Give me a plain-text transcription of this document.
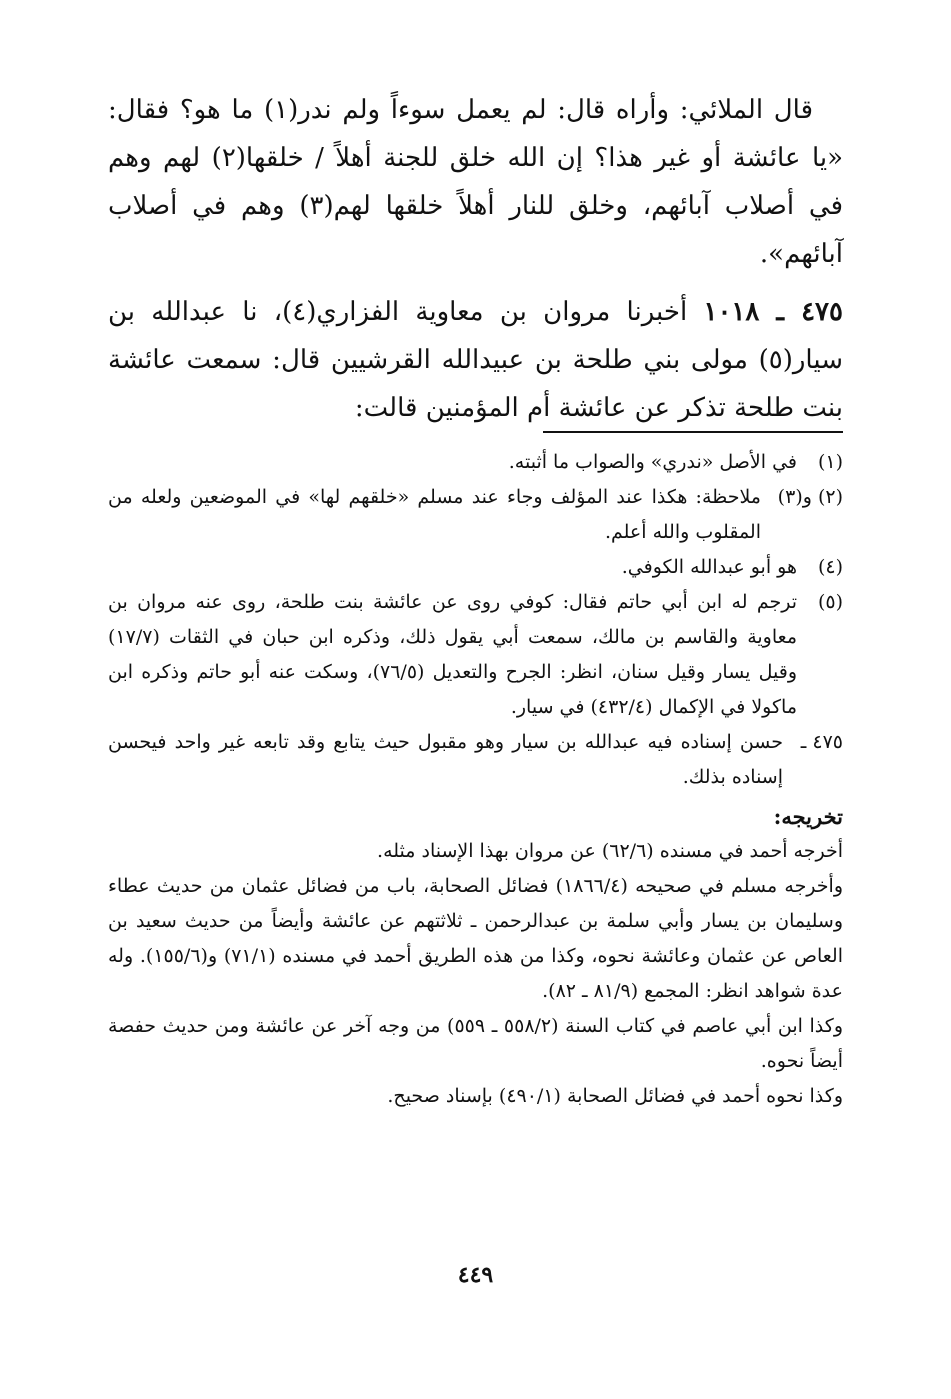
قال الملائي: وأراه قال: لم يعمل سوءاً ولم ندر(١) ما هو؟ فقال: «يا عائشة أو غير هذا؟ إن الله خلق للجنة أهلاً / خلقها(٢) لهم وهم في أصلاب آبائهم، وخلق للنار أهلاً خلقها لهم(٣) وهم في أصلاب آبائهم».

٤٧٥ ـ ١٠١٨ أخبرنا مروان بن معاوية الفزاري(٤)، نا عبدالله بن سيار(٥) مولى بني طلحة بن عبيدالله القرشيين قال: سمعت عائشة بنت طلحة تذكر عن عائشة أم المؤمنين قالت:

(١)
في الأصل «ندري» والصواب ما أثبته.
(٢) و(٣)
ملاحظة: هكذا عند المؤلف وجاء عند مسلم «خلقهم لها» في الموضعين ولعله من المقلوب والله أعلم.
(٤)
هو أبو عبدالله الكوفي.
(٥)
ترجم له ابن أبي حاتم فقال: كوفي روى عن عائشة بنت طلحة، روى عنه مروان بن معاوية والقاسم بن مالك، سمعت أبي يقول ذلك، وذكره ابن حبان في الثقات (١٧/٧) وقيل يسار وقيل سنان، انظر: الجرح والتعديل (٧٦/٥)، وسكت عنه أبو حاتم وذكره ابن ماكولا في الإكمال (٤٣٢/٤) في سيار.
٤٧٥ ـ
حسن إسناده فيه عبدالله بن سيار وهو مقبول حيث يتابع وقد تابعه غير واحد فيحسن إسناده بذلك.
تخريجه:
أخرجه أحمد في مسنده (٦٢/٦) عن مروان بهذا الإسناد مثله.
وأخرجه مسلم في صحيحه (١٨٦٦/٤) فضائل الصحابة، باب من فضائل عثمان من حديث عطاء وسليمان بن يسار وأبي سلمة بن عبدالرحمن ـ ثلاثتهم عن عائشة وأيضاً من حديث سعيد بن العاص عن عثمان وعائشة نحوه، وكذا من هذه الطريق أحمد في مسنده (٧١/١) و(١٥٥/٦). وله عدة شواهد انظر: المجمع (٨١/٩ ـ ٨٢).
وكذا ابن أبي عاصم في كتاب السنة (٥٥٨/٢ ـ ٥٥٩) من وجه آخر عن عائشة ومن حديث حفصة أيضاً نحوه.
وكذا نحوه أحمد في فضائل الصحابة (٤٩٠/١) بإسناد صحيح.
٤٤٩
